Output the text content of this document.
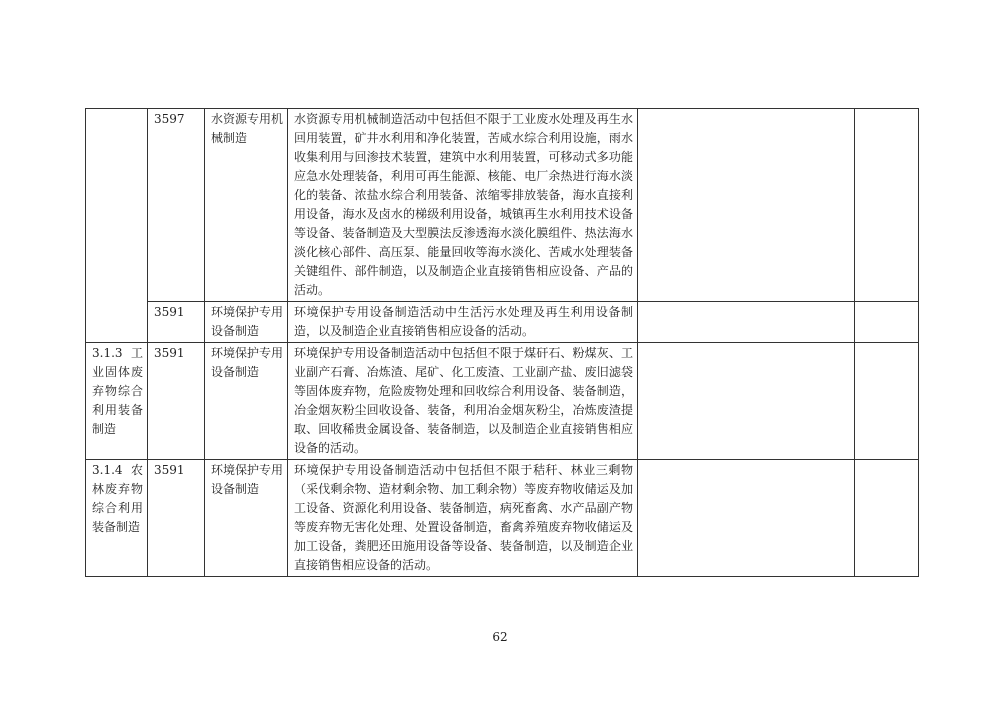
	3597	水资源专用机械制造	水资源专用机械制造活动中包括但不限于工业废水处理及再生水回用装置，矿井水利用和净化装置，苦咸水综合利用设施，雨水收集利用与回渗技术装置，建筑中水利用装置，可移动式多功能应急水处理装备，利用可再生能源、核能、电厂余热进行海水淡化的装备、浓盐水综合利用装备、浓缩零排放装备，海水直接利用设备，海水及卤水的梯级利用设备，城镇再生水利用技术设备等设备、装备制造及大型膜法反渗透海水淡化膜组件、热法海水淡化核心部件、高压泵、能量回收等海水淡化、苦咸水处理装备关键组件、部件制造，以及制造企业直接销售相应设备、产品的活动。		

	3591	环境保护专用设备制造	环境保护专用设备制造活动中生活污水处理及再生利用设备制造，以及制造企业直接销售相应设备的活动。		

3.1.3 工业固体废弃物综合利用装备制造	3591	环境保护专用设备制造	环境保护专用设备制造活动中包括但不限于煤矸石、粉煤灰、工业副产石膏、冶炼渣、尾矿、化工废渣、工业副产盐、废旧滤袋等固体废弃物，危险废物处理和回收综合利用设备、装备制造，冶金烟灰粉尘回收设备、装备，利用冶金烟灰粉尘，冶炼废渣提取、回收稀贵金属设备、装备制造，以及制造企业直接销售相应设备的活动。		

3.1.4 农林废弃物综合利用装备制造	3591	环境保护专用设备制造	环境保护专用设备制造活动中包括但不限于秸秆、林业三剩物（采伐剩余物、造材剩余物、加工剩余物）等废弃物收储运及加工设备、资源化利用设备、装备制造，病死畜禽、水产品副产物等废弃物无害化处理、处置设备制造，畜禽养殖废弃物收储运及加工设备，粪肥还田施用设备等设备、装备制造，以及制造企业直接销售相应设备的活动。		

62
